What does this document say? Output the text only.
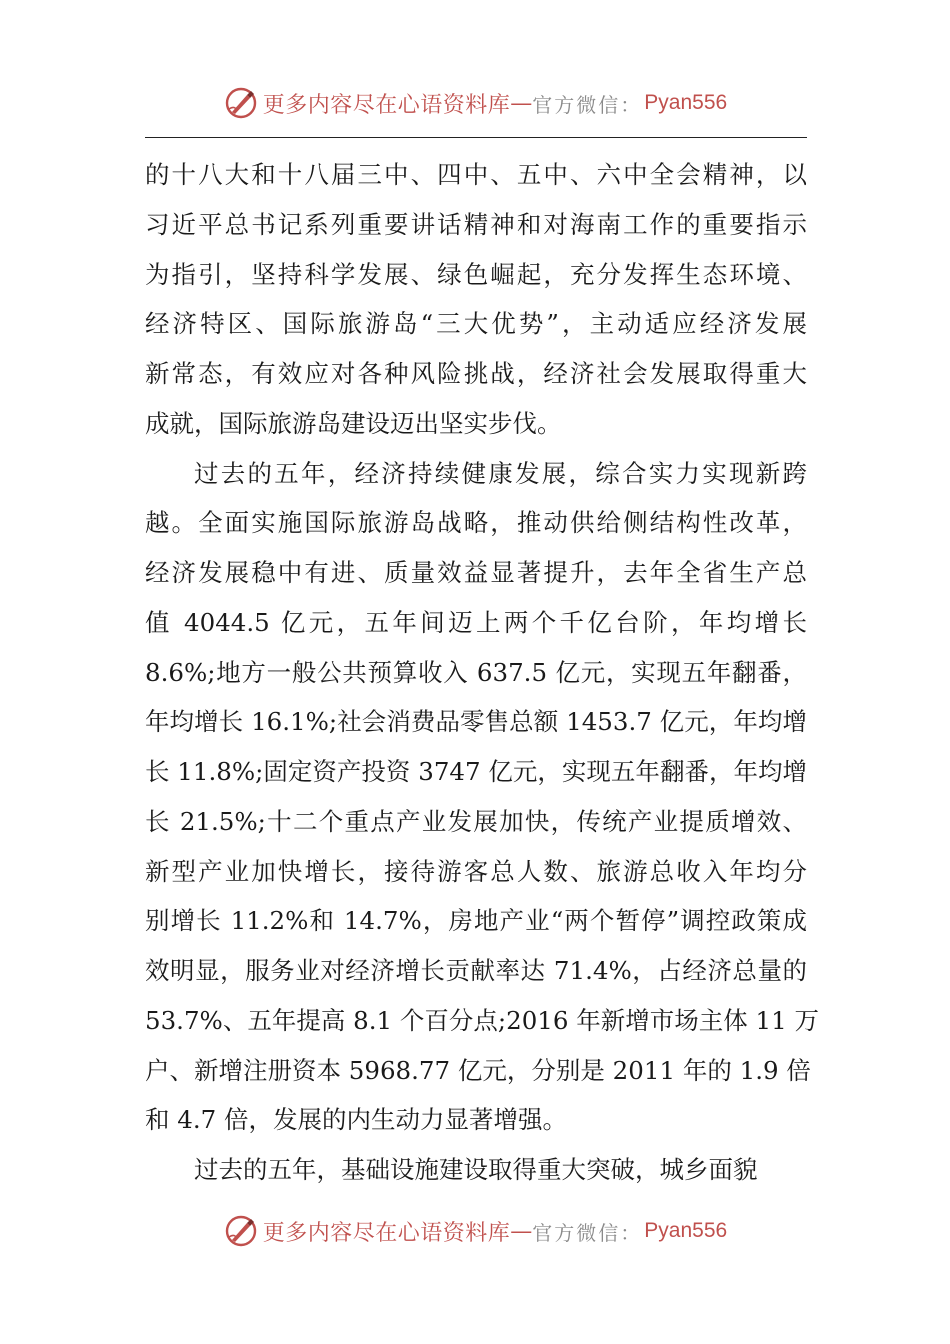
更多内容尽在心语资料库 — 官方微信： Pyan556
的十八大和十八届三中、四中、五中、六中全会精神，以
习近平总书记系列重要讲话精神和对海南工作的重要指示
为指引，坚持科学发展、绿色崛起，充分发挥生态环境、
经济特区、国际旅游岛“三大优势”，主动适应经济发展
新常态，有效应对各种风险挑战，经济社会发展取得重大
成就，国际旅游岛建设迈出坚实步伐。
过去的五年，经济持续健康发展，综合实力实现新跨
越。全面实施国际旅游岛战略，推动供给侧结构性改革，
经济发展稳中有进、质量效益显著提升，去年全省生产总
值 4044.5 亿元，五年间迈上两个千亿台阶，年均增长
8.6%;地方一般公共预算收入 637.5 亿元，实现五年翻番，
年均增长 16.1%;社会消费品零售总额 1453.7 亿元，年均增
长 11.8%;固定资产投资 3747 亿元，实现五年翻番，年均增
长 21.5%;十二个重点产业发展加快，传统产业提质增效、
新型产业加快增长，接待游客总人数、旅游总收入年均分
别增长 11.2%和 14.7%，房地产业“两个暂停”调控政策成
效明显，服务业对经济增长贡献率达 71.4%，占经济总量的
53.7%、五年提高 8.1 个百分点;2016 年新增市场主体 11 万
户、新增注册资本 5968.77 亿元，分别是 2011 年的 1.9 倍
和 4.7 倍，发展的内生动力显著增强。
过去的五年，基础设施建设取得重大突破，城乡面貌
更多内容尽在心语资料库 — 官方微信： Pyan556
